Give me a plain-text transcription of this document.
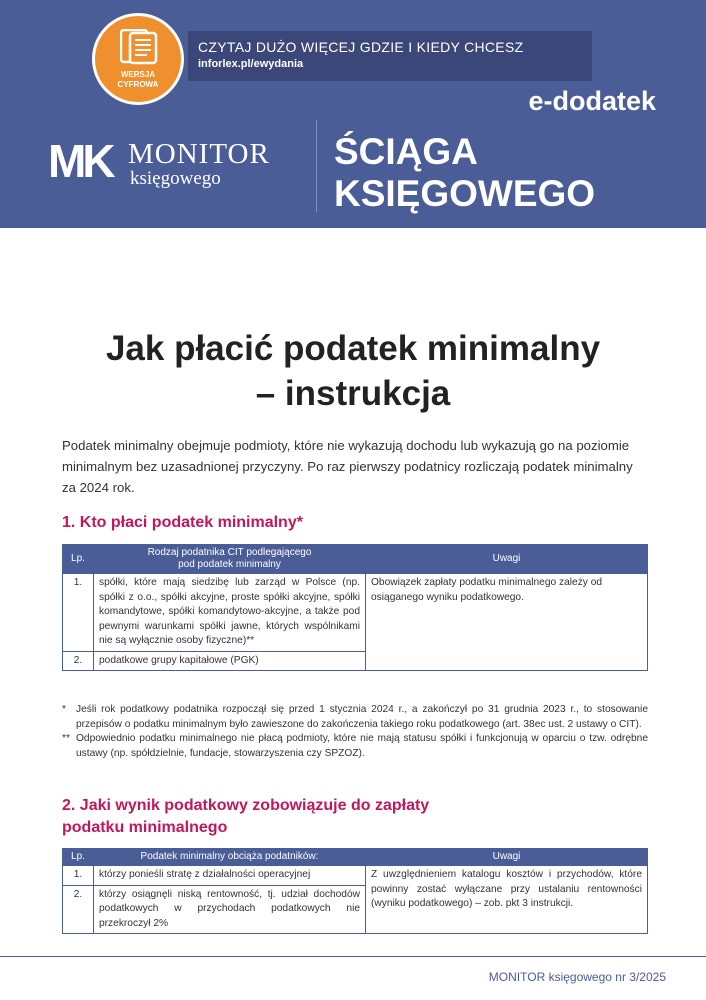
CZYTAJ DUŻO WIĘCEJ GDZIE I KIEDY CHCESZ
inforlex.pl/ewydania
WERSJA
CYFROWA
e-dodatek
MK MONITOR
księgowego
ŚCIĄGA
KSIĘGOWEGO
Jak płacić podatek minimalny
– instrukcja
Podatek minimalny obejmuje podmioty, które nie wykazują dochodu lub wykazują go na poziomie minimalnym bez uzasadnionej przyczyny. Po raz pierwszy podatnicy rozliczają podatek minimalny za 2024 rok.
1. Kto płaci podatek minimalny*
Lp.	Rodzaj podatnika CIT podlegającego
pod podatek minimalny	Uwagi
1.	spółki, które mają siedzibę lub zarząd w Polsce (np. spółki z o.o., spółki akcyjne, proste spółki akcyjne, spółki komandytowe, spółki komandytowo-akcyjne, a także pod pewnymi warunkami spółki jawne, których wspólnikami nie są wyłącznie osoby fizyczne)**	Obowiązek zapłaty podatku minimalnego zależy od osiąganego wyniku podatkowego.
2.	podatkowe grupy kapitałowe (PGK)	
* Jeśli rok podatkowy podatnika rozpoczął się przed 1 stycznia 2024 r., a zakończył po 31 grudnia 2023 r., to stosowanie przepisów o podatku minimalnym było zawieszone do zakończenia takiego roku podatkowego (art. 38ec ust. 2 ustawy o CIT).
** Odpowiednio podatku minimalnego nie płacą podmioty, które nie mają statusu spółki i funkcjonują w oparciu o tzw. odrębne ustawy (np. spółdzielnie, fundacje, stowarzyszenia czy SPZOZ).
2. Jaki wynik podatkowy zobowiązuje do zapłaty
podatku minimalnego
Lp.	Podatek minimalny obciąża podatników:	Uwagi
1.	którzy ponieśli stratę z działalności operacyjnej	Z uwzględnieniem katalogu kosztów i przychodów, które powinny zostać wyłączane przy ustalaniu rentowności (wyniku podatkowego) – zob. pkt 3 instrukcji.
2.	którzy osiągnęli niską rentowność, tj. udział dochodów podatkowych w przychodach podatkowych nie przekroczył 2%	
MONITOR księgowego nr 3/2025
